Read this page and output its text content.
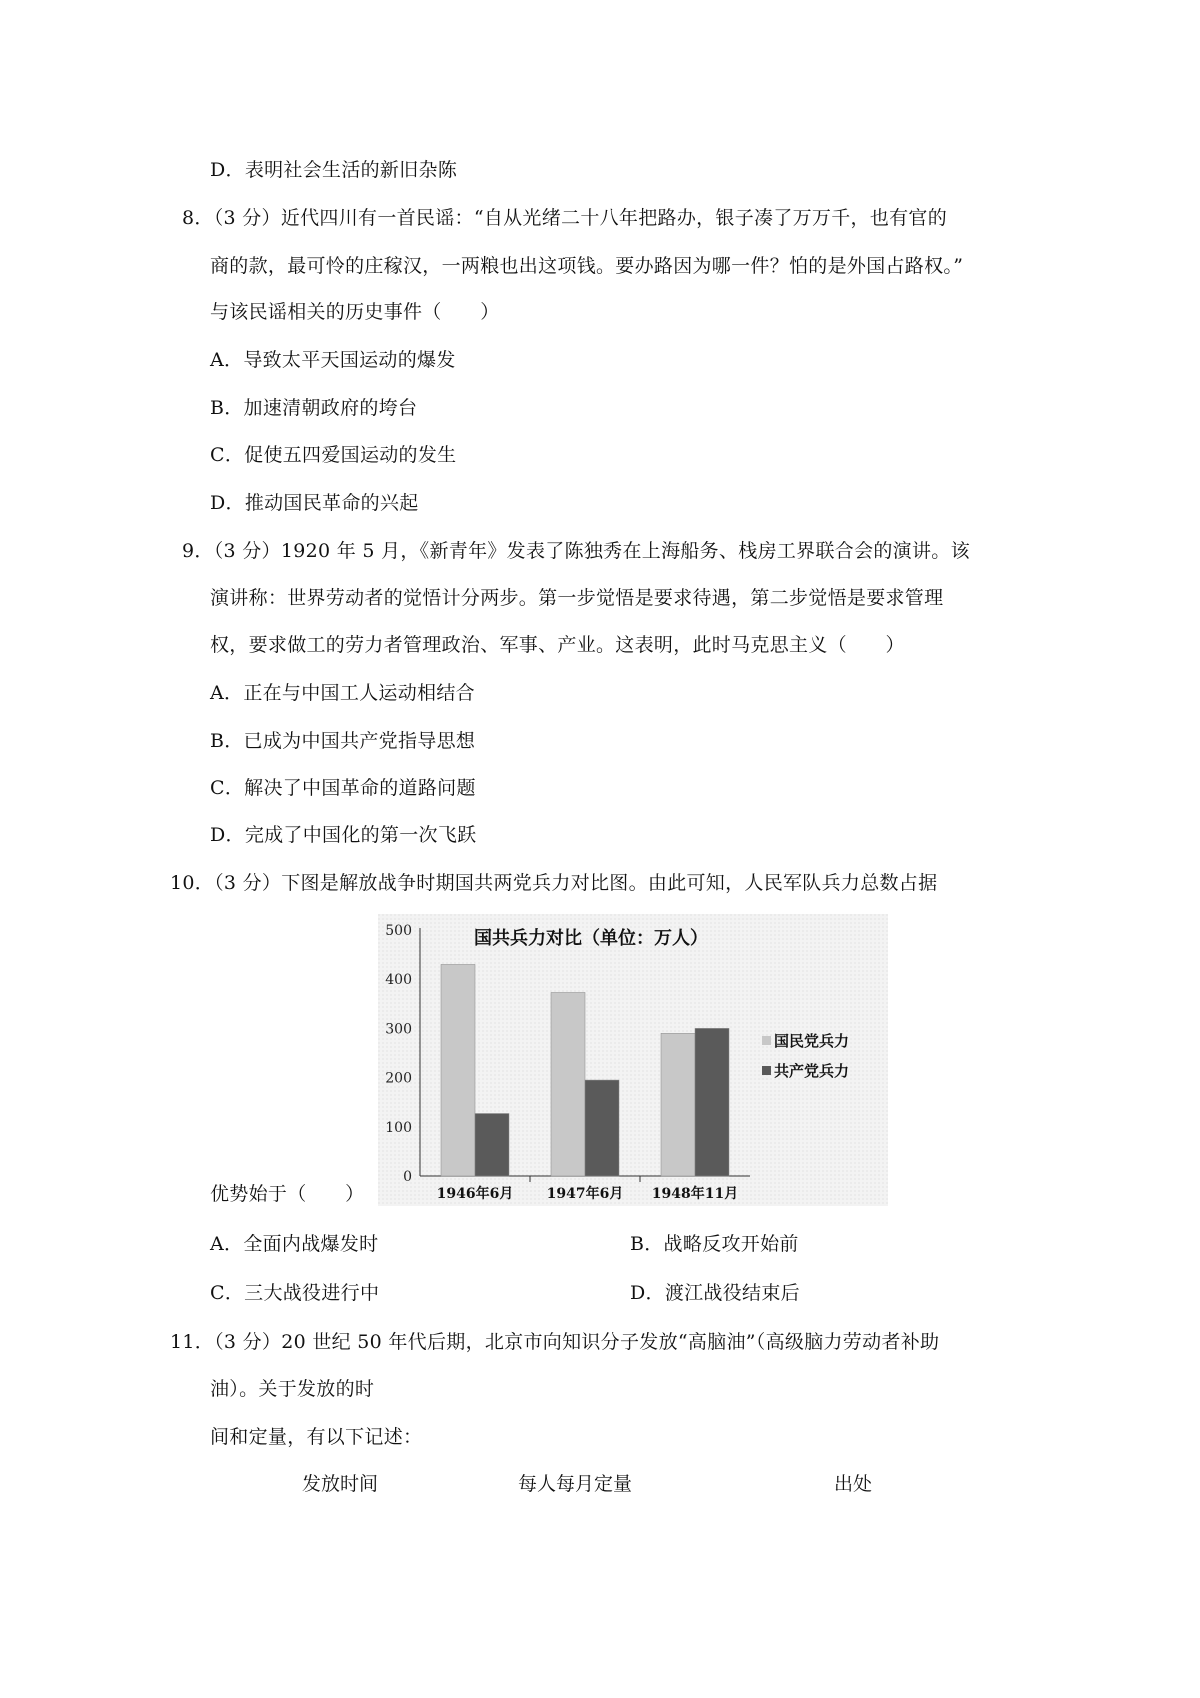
D．表明社会生活的新旧杂陈
8．（3 分）近代四川有一首民谣：“自从光绪二十八年把路办，银子凑了万万千，也有官的
商的款，最可怜的庄稼汉，一两粮也出这项钱。要办路因为哪一件？怕的是外国占路权。”
与该民谣相关的历史事件（　　）
A．导致太平天国运动的爆发
B．加速清朝政府的垮台
C．促使五四爱国运动的发生
D．推动国民革命的兴起
9．（3 分）1920 年 5 月，《新青年》发表了陈独秀在上海船务、栈房工界联合会的演讲。该
演讲称：世界劳动者的觉悟计分两步。第一步觉悟是要求待遇，第二步觉悟是要求管理
权，要求做工的劳力者管理政治、军事、产业。这表明，此时马克思主义（　　）
A．正在与中国工人运动相结合
B．已成为中国共产党指导思想
C．解决了中国革命的道路问题
D．完成了中国化的第一次飞跃
10．（3 分）下图是解放战争时期国共两党兵力对比图。由此可知，人民军队兵力总数占据
0
100
200
300
400
500
1946年6月 1947年6月 1948年11月
国共兵力对比（单位：万人）
国民党兵力
共产党兵力
优势始于（　　）
A．全面内战爆发时	B．战略反攻开始前
C．三大战役进行中	D．渡江战役结束后
11．（3 分）20 世纪 50 年代后期，北京市向知识分子发放“高脑油”（高级脑力劳动者补助
油）。关于发放的时
间和定量，有以下记述：
发放时间	每人每月定量	出处
